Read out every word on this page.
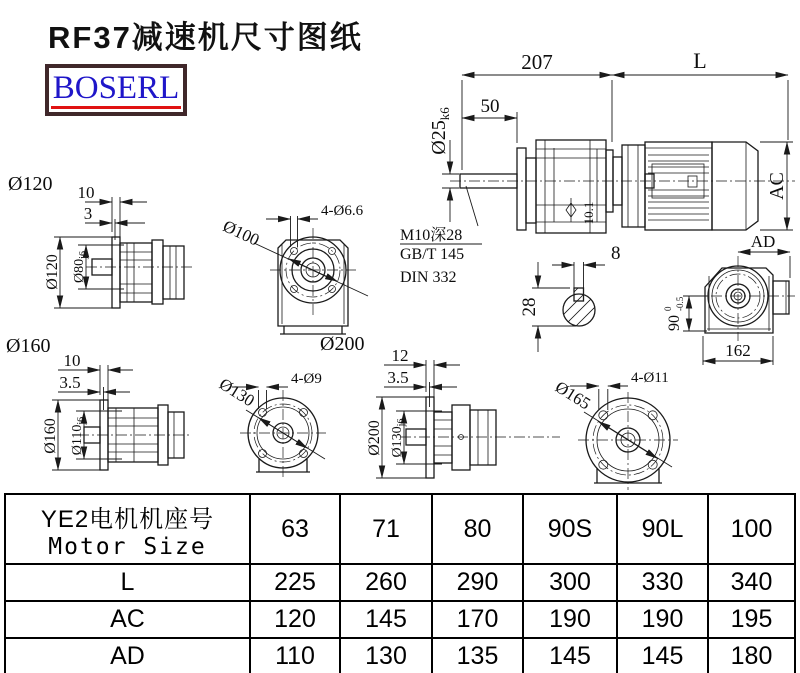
RF37减速机尺寸图纸
BOSERL
207	L
50
$Ø25_{k6}$
10.1
AC
M10深28
GB/T 145
DIN 332
8
28
AD
900 -0.5
162
Ø120 10
3
Ø120 $Ø80_{j6}$
4-Ø6.6
Ø100
Ø160
10
3.5
Ø160 $Ø110_{j6}$
4-Ø9
Ø130
Ø200
12
3.5
Ø200 $Ø130_{j6}$
4-Ø11
Ø165
YE2电机机座号
Motor Size	63	71	80	90S	90L	100
L	225	260	290	300	330	340
AC	120	145	170	190	190	195
AD	110	130	135	145	145	180
